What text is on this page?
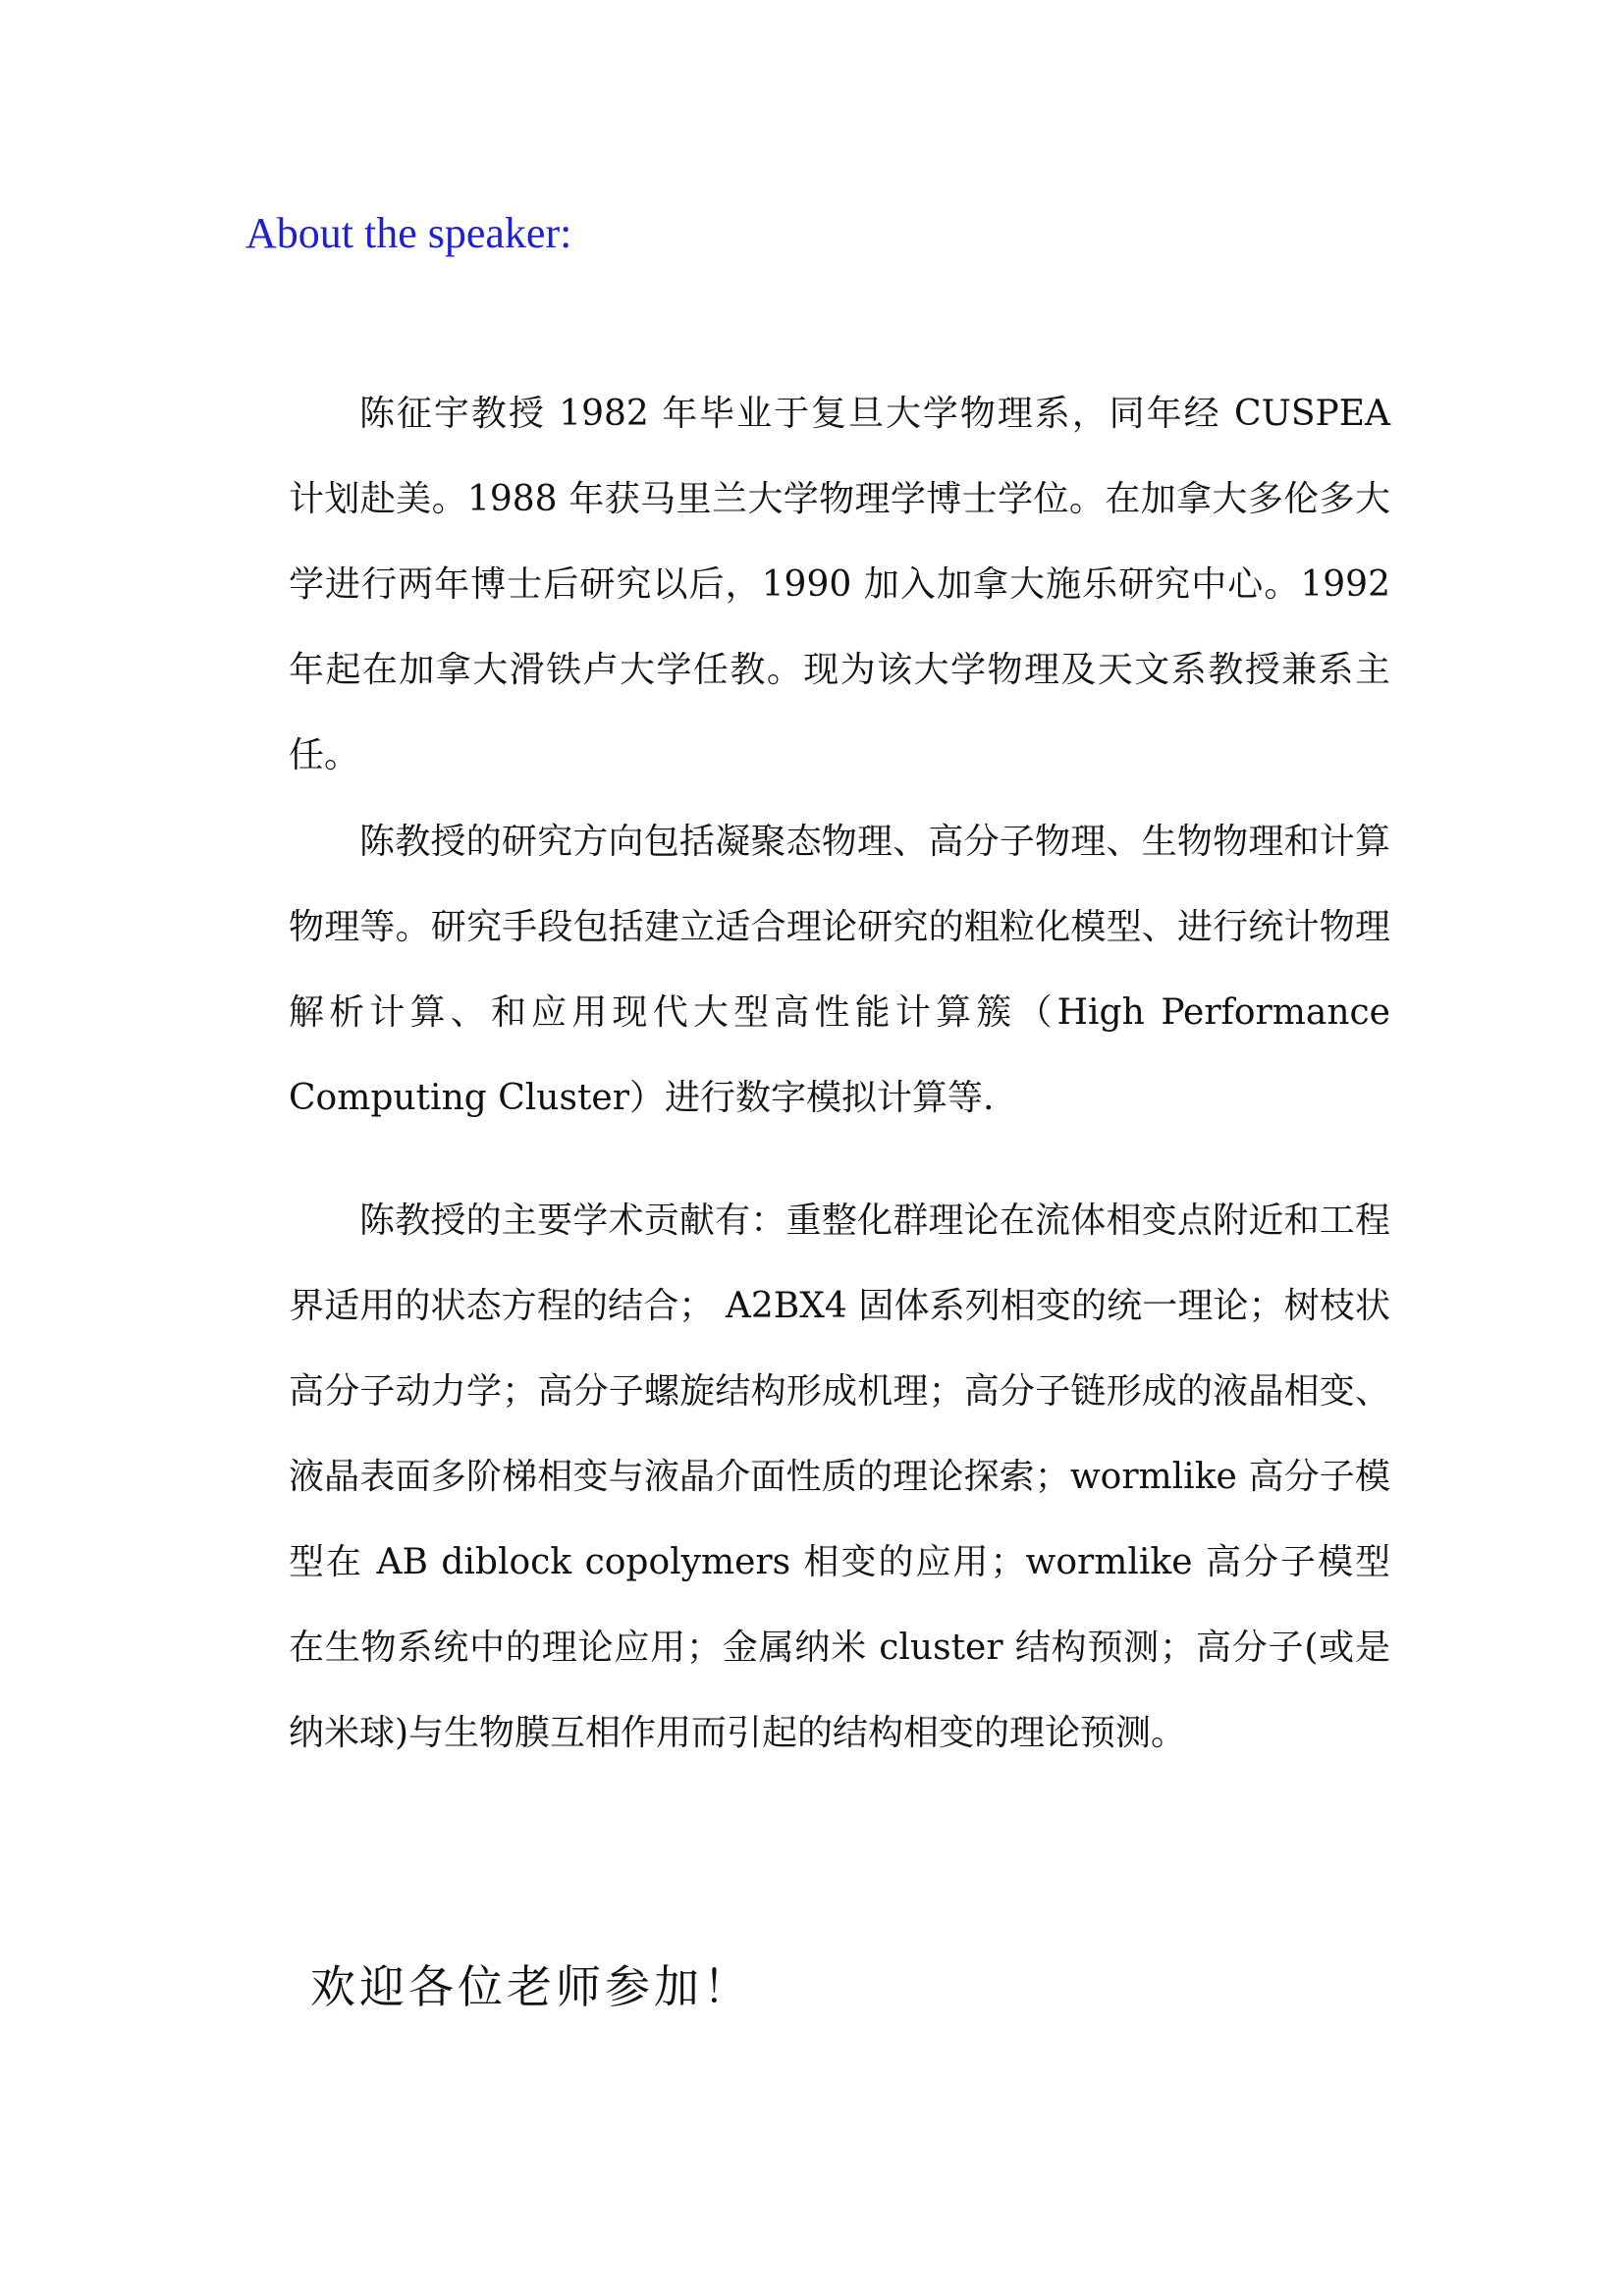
About the speaker:

陈征宇教授 1982 年毕业于复旦大学物理系，同年经 CUSPEA 计划赴美。1988 年获马里兰大学物理学博士学位。在加拿大多伦多大学进行两年博士后研究以后，1990 加入加拿大施乐研究中心。1992 年起在加拿大滑铁卢大学任教。现为该大学物理及天文系教授兼系主任。

陈教授的研究方向包括凝聚态物理、高分子物理、生物物理和计算物理等。研究手段包括建立适合理论研究的粗粒化模型、进行统计物理解析计算、和应用现代大型高性能计算簇（High Performance Computing Cluster）进行数字模拟计算等.

陈教授的主要学术贡献有：重整化群理论在流体相变点附近和工程界适用的状态方程的结合； A2BX4 固体系列相变的统一理论；树枝状高分子动力学；高分子螺旋结构形成机理；高分子链形成的液晶相变、液晶表面多阶梯相变与液晶介面性质的理论探索；wormlike 高分子模型在 AB diblock copolymers 相变的应用；wormlike 高分子模型在生物系统中的理论应用；金属纳米 cluster 结构预测；高分子(或是纳米球)与生物膜互相作用而引起的结构相变的理论预测。

欢迎各位老师参加！
